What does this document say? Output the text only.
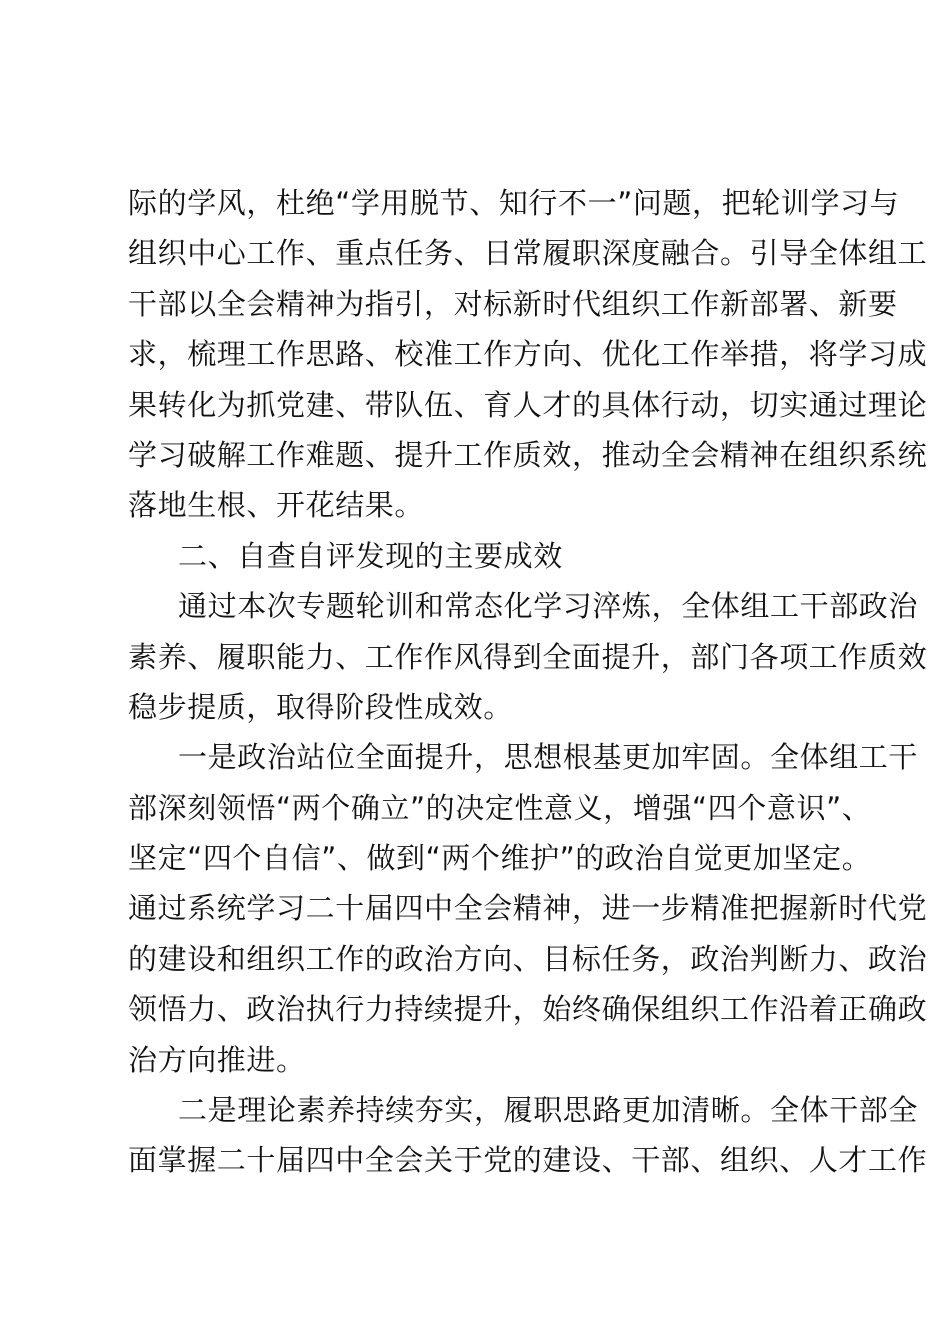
际的学风，杜绝“学用脱节、知行不一”问题，把轮训学习与
组织中心工作、重点任务、日常履职深度融合。引导全体组工
干部以全会精神为指引，对标新时代组织工作新部署、新要
求，梳理工作思路、校准工作方向、优化工作举措，将学习成
果转化为抓党建、带队伍、育人才的具体行动，切实通过理论
学习破解工作难题、提升工作质效，推动全会精神在组织系统
落地生根、开花结果。
二、自查自评发现的主要成效
通过本次专题轮训和常态化学习淬炼，全体组工干部政治
素养、履职能力、工作作风得到全面提升，部门各项工作质效
稳步提质，取得阶段性成效。
一是政治站位全面提升，思想根基更加牢固。全体组工干
部深刻领悟“两个确立”的决定性意义，增强“四个意识”、
坚定“四个自信”、做到“两个维护”的政治自觉更加坚定。
通过系统学习二十届四中全会精神，进一步精准把握新时代党
的建设和组织工作的政治方向、目标任务，政治判断力、政治
领悟力、政治执行力持续提升，始终确保组织工作沿着正确政
治方向推进。
二是理论素养持续夯实，履职思路更加清晰。全体干部全
面掌握二十届四中全会关于党的建设、干部、组织、人才工作
